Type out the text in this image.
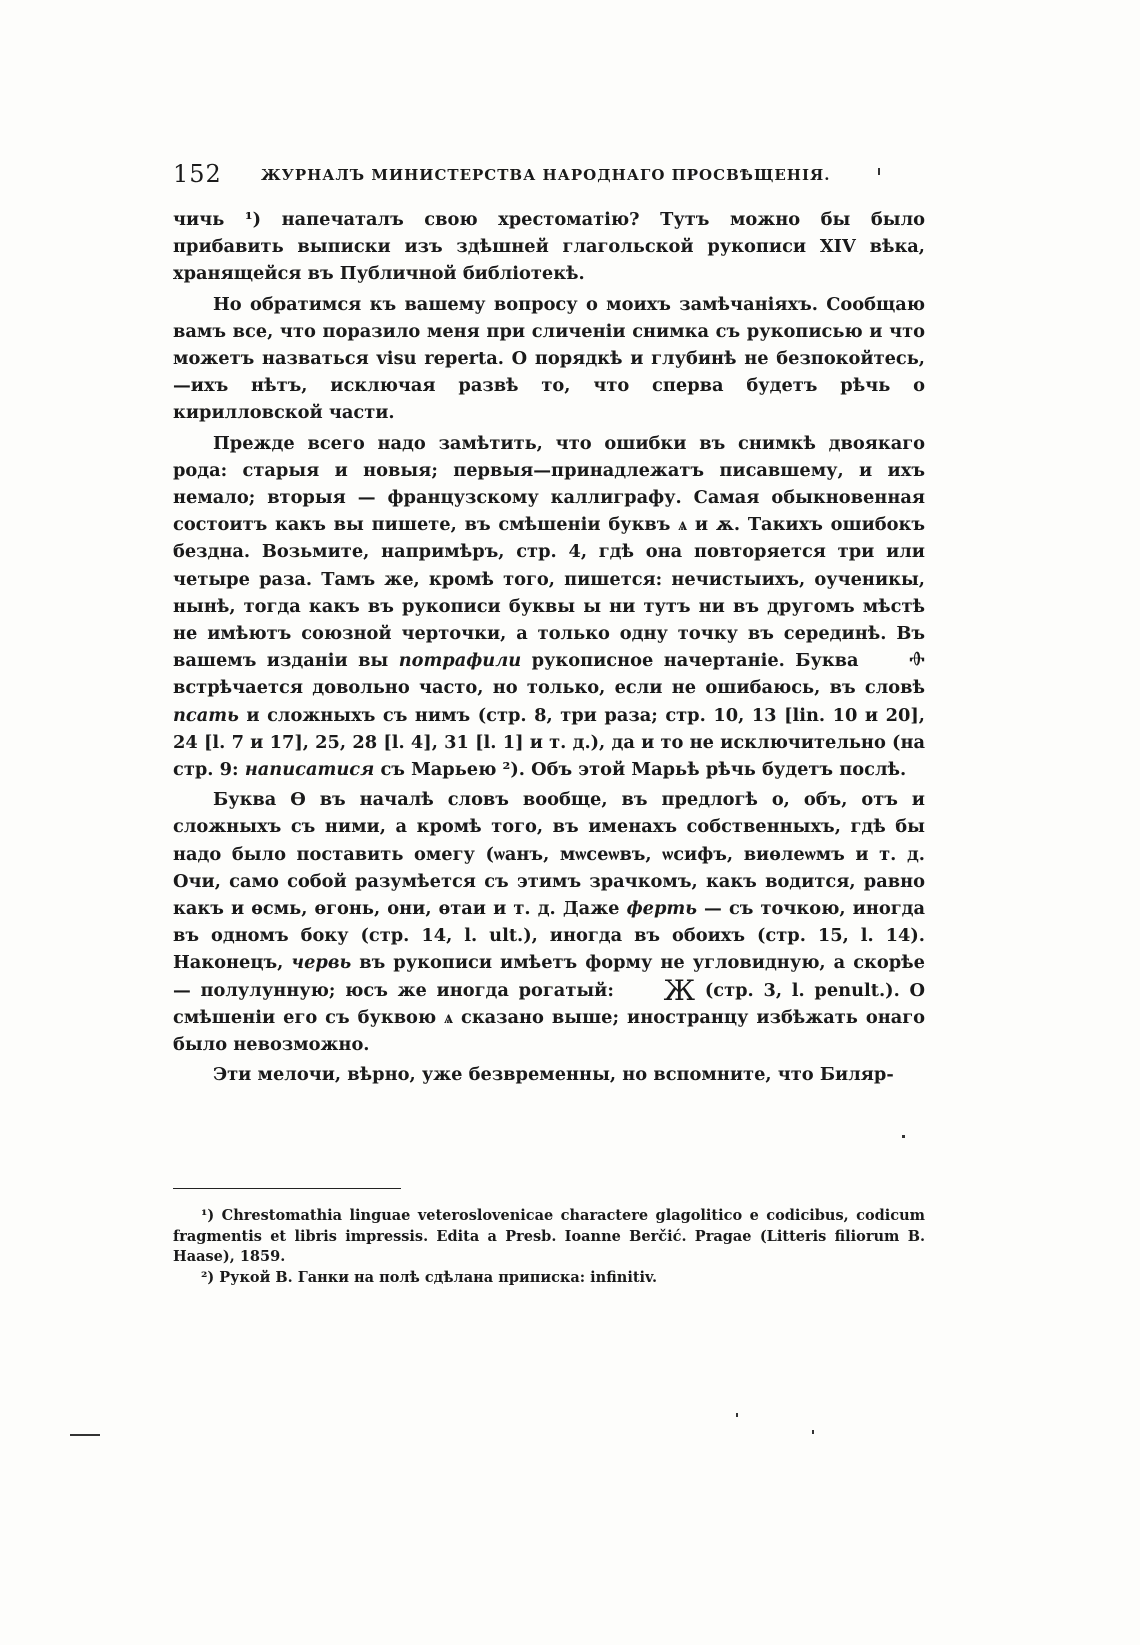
152	ЖУРНАЛЪ МИНИСТЕРСТВА НАРОДНАГО ПРОСВѢЩЕНІЯ.

чичь ¹) напечаталъ свою хрестоматію? Тутъ можно бы было прибавить выписки изъ здѣшней глагольской рукописи XIV вѣка, хранящейся въ Публичной библіотекѣ.

Но обратимся къ вашему вопросу о моихъ замѣчаніяхъ. Сообщаю вамъ все, что поразило меня при сличеніи снимка съ рукописью и что можетъ назваться visu reperta. О порядкѣ и глубинѣ не безпокойтесь,—ихъ нѣтъ, исключая развѣ то, что сперва будетъ рѣчь о кирилловской части.

Прежде всего надо замѣтить, что ошибки въ снимкѣ двоякаго рода: старыя и новыя; первыя—принадлежатъ писавшему, и ихъ немало; вторыя — французскому каллиграфу. Самая обыкновенная состоитъ какъ вы пишете, въ смѣшеніи буквъ ѧ и ѫ. Такихъ ошибокъ бездна. Возьмите, напримѣръ, стр. 4, гдѣ она повторяется три или четыре раза. Тамъ же, кромѣ того, пишется: нечистыихъ, оученикы, нынѣ, тогда какъ въ рукописи буквы ы ни тутъ ни въ другомъ мѣстѣ не имѣютъ союзной черточки, а только одну точку въ серединѣ. Въ вашемъ изданіи вы потрафили рукописное начертаніе. Буква ⱚ встрѣчается довольно часто, но только, если не ошибаюсь, въ словѣ псать и сложныхъ съ нимъ (стр. 8, три раза; стр. 10, 13 [lin. 10 и 20], 24 [l. 7 и 17], 25, 28 [l. 4], 31 [l. 1] и т. д.), да и то не исключительно (на стр. 9: написатися съ Марьею ²). Объ этой Марьѣ рѣчь будетъ послѣ.

Буква Ѳ въ началѣ словъ вообще, въ предлогѣ о, объ, отъ и сложныхъ съ ними, а кромѣ того, въ именахъ собственныхъ, гдѣ бы надо было поставить омегу (ѡанъ, мѡсеѡвъ, ѡсифъ, виѳлеѡмъ и т. д. Очи, само собой разумѣется съ этимъ зрачкомъ, какъ водится, равно какъ и ѳсмь, ѳгонь, они, ѳтаи и т. д. Даже ферть — съ точкою, иногда въ одномъ боку (стр. 14, l. ult.), иногда въ обоихъ (стр. 15, l. 14). Наконецъ, червь въ рукописи имѣетъ форму не угловидную, а скорѣе — полулунную; юсъ же иногда рогатый: Ж (стр. 3, l. penult.). О смѣшеніи его съ буквою ѧ сказано выше; иностранцу избѣжать онаго было невозможно.

Эти мелочи, вѣрно, уже безвременны, но вспомните, что Биляр-

¹) Chrestomathia linguae veteroslovenicae charactere glagolitico e codicibus, codicum fragmentis et libris impressis. Edita a Presb. Ioanne Berčić. Pragae (Litteris filiorum B. Haase), 1859.

²) Рукой В. Ганки на полѣ сдѣлана приписка: infinitiv.
